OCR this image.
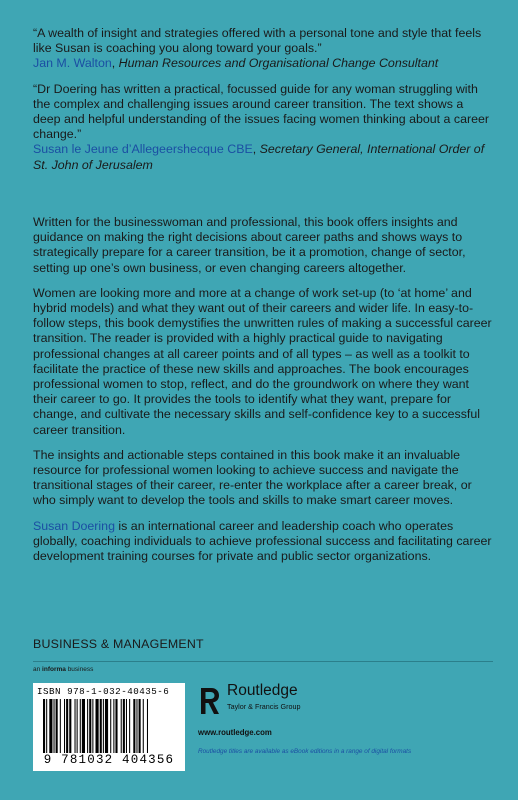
“A wealth of insight and strategies offered with a personal tone and style that feels like Susan is coaching you along toward your goals.”

Jan M. Walton, Human Resources and Organisational Change Consultant

“Dr Doering has written a practical, focussed guide for any woman struggling with the complex and challenging issues around career transition. The text shows a deep and helpful understanding of the issues facing women thinking about a career change.”

Susan le Jeune d’Allegeershecque CBE, Secretary General, International Order of St. John of Jerusalem

Written for the businesswoman and professional, this book offers insights and guidance on making the right decisions about career paths and shows ways to strategically prepare for a career transition, be it a promotion, change of sector, setting up one’s own business, or even changing careers altogether.

Women are looking more and more at a change of work set-up (to ‘at home’ and hybrid models) and what they want out of their careers and wider life. In easy-to-follow steps, this book demystifies the unwritten rules of making a successful career transition. The reader is provided with a highly practical guide to navigating professional changes at all career points and of all types – as well as a toolkit to facilitate the practice of these new skills and approaches. The book encourages professional women to stop, reflect, and do the groundwork on where they want their career to go. It provides the tools to identify what they want, prepare for change, and cultivate the necessary skills and self-confidence key to a successful career transition.

The insights and actionable steps contained in this book make it an invaluable resource for professional women looking to achieve success and navigate the transitional stages of their career, re-enter the workplace after a career break, or who simply want to develop the tools and skills to make smart career moves.

Susan Doering is an international career and leadership coach who operates globally, coaching individuals to achieve professional success and facilitating career development training courses for private and public sector organizations.

BUSINESS & MANAGEMENT
an informa business
ISBN 978-1-032-40435-6
9 781032 404356
Routledge
Taylor & Francis Group
www.routledge.com
Routledge titles are available as eBook editions in a range of digital formats
